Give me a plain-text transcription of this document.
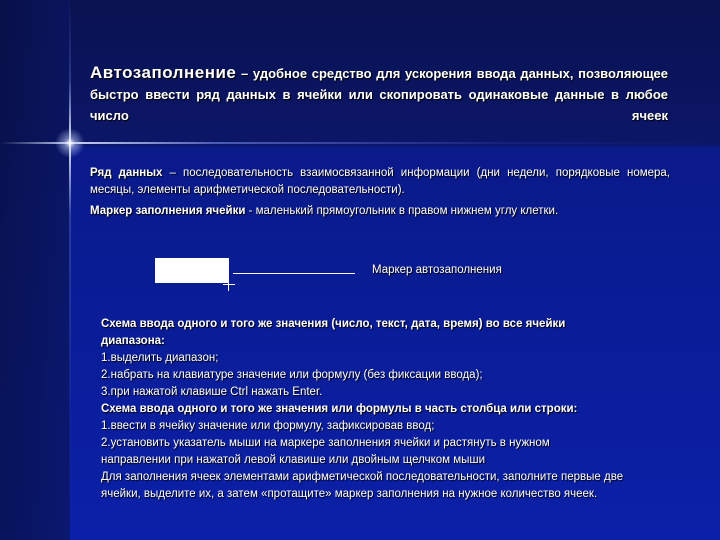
Автозаполнение – удобное средство для ускорения ввода данных, позволяющее быстро ввести ряд данных в ячейки или скопировать одинаковые данные в любое число ячеек

Ряд данных – последовательность взаимосвязанной информации (дни недели, порядковые номера, месяцы, элементы арифметической последовательности).

Маркер заполнения ячейки - маленький прямоугольник в правом нижнем углу клетки.

Маркер автозаполнения
Схема ввода одного и того же значения (число, текст, дата, время) во все ячейки
диапазона:
1.выделить диапазон;
2.набрать на клавиатуре значение или формулу (без фиксации ввода);
3.при нажатой клавише Ctrl нажать Enter.
Схема ввода одного и того же значения или формулы в часть столбца или строки:
1.ввести в ячейку значение или формулу, зафиксировав ввод;
2.установить указатель мыши на маркере заполнения ячейки и растянуть в нужном
направлении при нажатой левой клавише или двойным щелчком мыши
Для заполнения ячеек элементами арифметической последовательности, заполните первые две
ячейки, выделите их, а затем «протащите» маркер заполнения на нужное количество ячеек.
